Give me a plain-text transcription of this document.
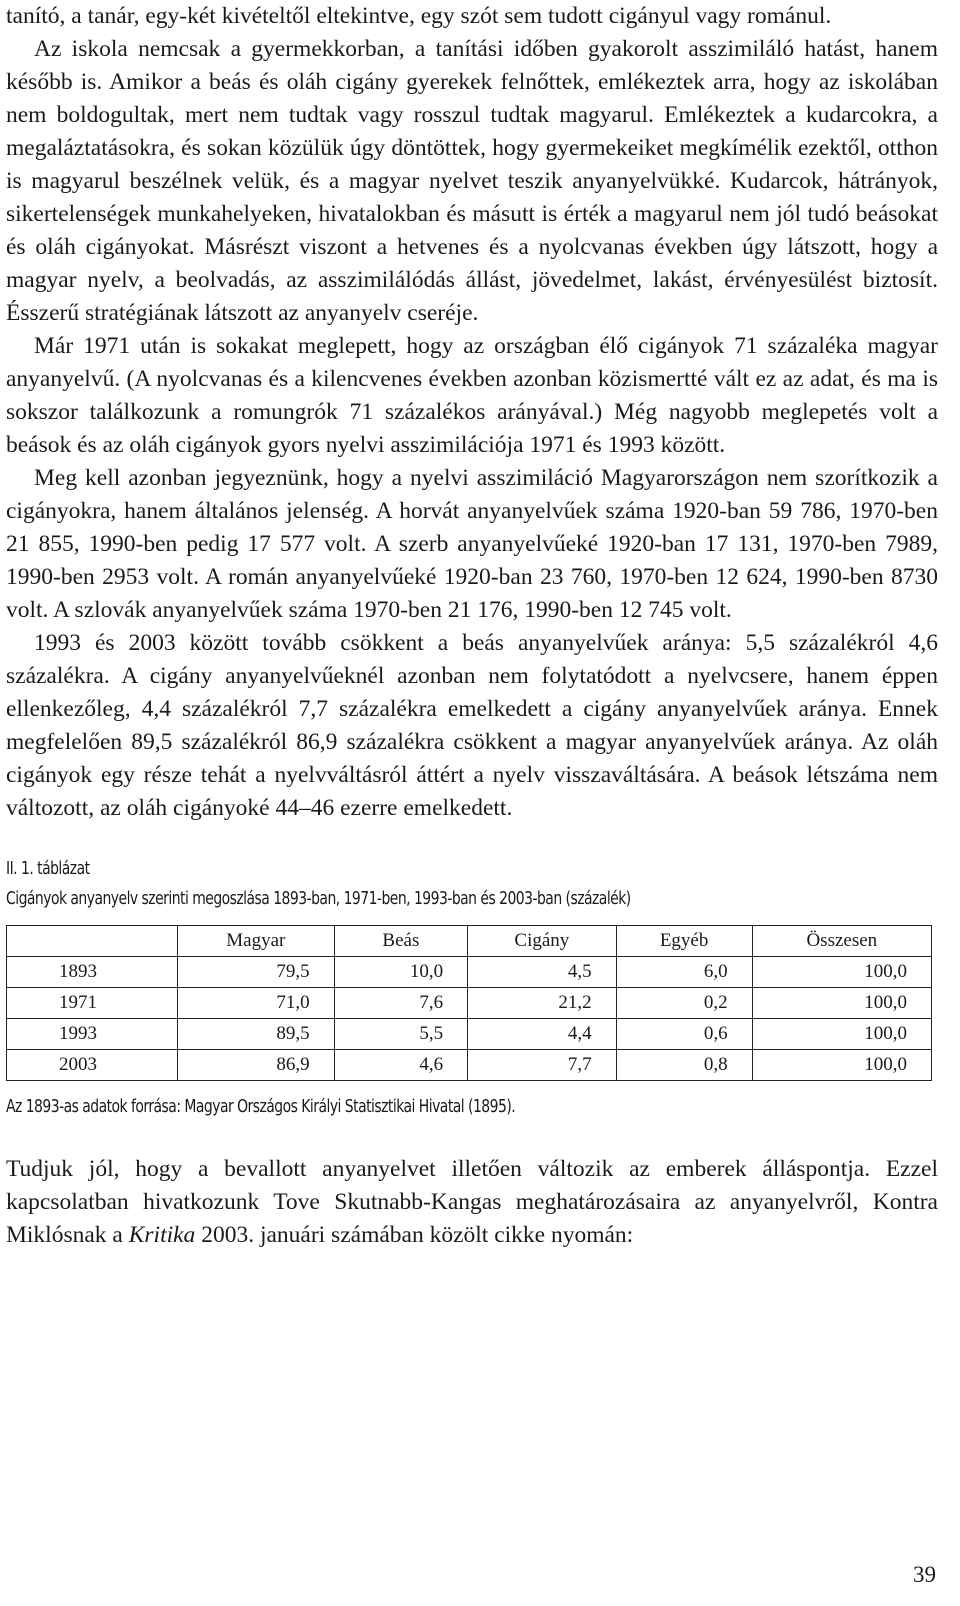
tanító, a tanár, egy-két kivételtől eltekintve, egy szót sem tudott cigányul vagy románul.

Az iskola nemcsak a gyermekkorban, a tanítási időben gyakorolt asszimiláló hatást, hanem később is. Amikor a beás és oláh cigány gyerekek felnőttek, emlékeztek arra, hogy az iskolában nem boldogultak, mert nem tudtak vagy rosszul tudtak magyarul. Emlékeztek a kudarcokra, a megaláztatásokra, és sokan közülük úgy döntöttek, hogy gyermekeiket megkímélik ezektől, otthon is magyarul beszélnek velük, és a magyar nyelvet teszik anyanyelvükké. Kudarcok, hátrányok, sikertelenségek munkahelyeken, hivatalokban és másutt is érték a magyarul nem jól tudó beásokat és oláh cigányokat. Másrészt viszont a hetvenes és a nyolcvanas években úgy látszott, hogy a magyar nyelv, a beolvadás, az asszimilálódás állást, jövedelmet, lakást, érvényesülést biztosít. Ésszerű stratégiának látszott az anyanyelv cseréje.

Már 1971 után is sokakat meglepett, hogy az országban élő cigányok 71 százaléka magyar anyanyelvű. (A nyolcvanas és a kilencvenes években azonban közismertté vált ez az adat, és ma is sokszor találkozunk a romungrók 71 százalékos arányával.) Még nagyobb meglepetés volt a beások és az oláh cigányok gyors nyelvi asszimilációja 1971 és 1993 között.

Meg kell azonban jegyeznünk, hogy a nyelvi asszimiláció Magyarországon nem szorítkozik a cigányokra, hanem általános jelenség. A horvát anyanyelvűek száma 1920-ban 59 786, 1970-ben 21 855, 1990-ben pedig 17 577 volt. A szerb anyanyelvűeké 1920-ban 17 131, 1970-ben 7989, 1990-ben 2953 volt. A román anyanyelvűeké 1920-ban 23 760, 1970-ben 12 624, 1990-ben 8730 volt. A szlovák anyanyelvűek száma 1970-ben 21 176, 1990-ben 12 745 volt.

1993 és 2003 között tovább csökkent a beás anyanyelvűek aránya: 5,5 százalékról 4,6 százalékra. A cigány anyanyelvűeknél azonban nem folytatódott a nyelvcsere, hanem éppen ellenkezőleg, 4,4 százalékról 7,7 százalékra emelkedett a cigány anyanyelvűek aránya. Ennek megfelelően 89,5 százalékról 86,9 százalékra csökkent a magyar anyanyelvűek aránya. Az oláh cigányok egy része tehát a nyelvváltásról áttért a nyelv visszaváltására. A beások létszáma nem változott, az oláh cigányoké 44–46 ezerre emelkedett.

II. 1. táblázat
Cigányok anyanyelv szerinti megoszlása 1893-ban, 1971-ben, 1993-ban és 2003-ban (százalék)
	Magyar	Beás	Cigány	Egyéb	Összesen
1893	79,5	10,0	4,5	6,0	100,0
1971	71,0	7,6	21,2	0,2	100,0
1993	89,5	5,5	4,4	0,6	100,0
2003	86,9	4,6	7,7	0,8	100,0
Az 1893-as adatok forrása: Magyar Országos Királyi Statisztikai Hivatal (1895).

Tudjuk jól, hogy a bevallott anyanyelvet illetően változik az emberek álláspontja. Ezzel kapcsolatban hivatkozunk Tove Skutnabb-Kangas meghatározásaira az anyanyelvről, Kontra Miklósnak a Kritika 2003. januári számában közölt cikke nyomán:

39
